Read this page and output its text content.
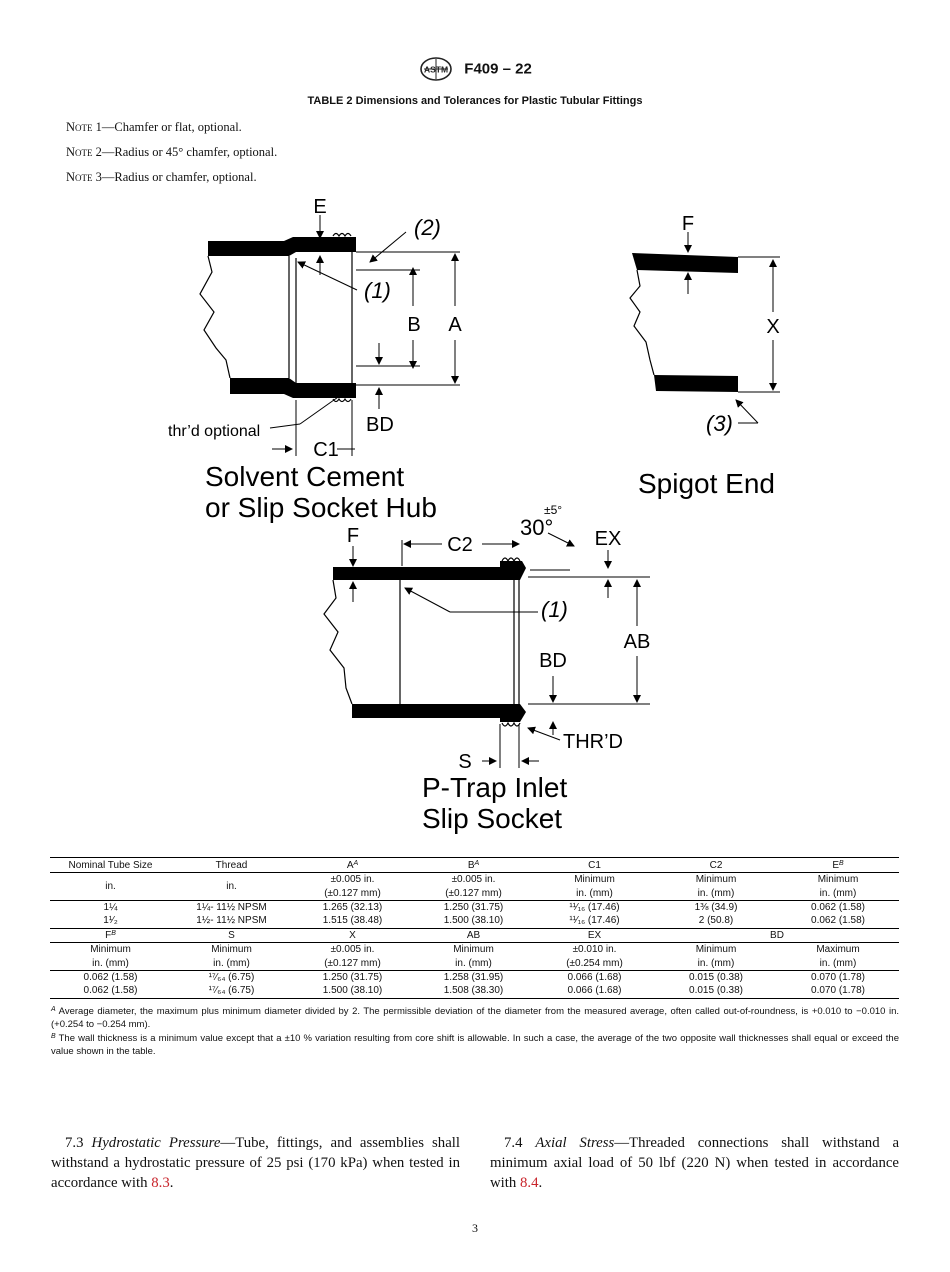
ASTM F409 – 22
TABLE 2 Dimensions and Tolerances for Plastic Tubular Fittings
Note 1—Chamfer or flat, optional.
Note 2—Radius or 45° chamfer, optional.
Note 3—Radius or chamfer, optional.
E
(2)
(1)
B A
BD
thr’d optional
C1
Solvent Cement
or Slip Socket Hub
F
X
(3)
Spigot End
F	C2
30°
±5°
EX
(1)
AB
BD
THR’D
S
P-Trap Inlet
Slip Socket
Nominal Tube Size	Thread	$A^A$	$B^A$	C1	C2	$E^B$
in.	in.	±0.005 in.	±0.005 in.	Minimum	Minimum	Minimum
		(±0.127 mm)	(±0.127 mm)	in. (mm)	in. (mm)	in. (mm)
1¼	1¼- 11½ NPSM	1.265 (32.13)	1.250 (31.75)	¹¹⁄₁₆ (17.46)	1⅜ (34.9)	0.062 (1.58)
1¹⁄₂	1½- 11½ NPSM	1.515 (38.48)	1.500 (38.10)	¹¹⁄₁₆ (17.46)	2 (50.8)	0.062 (1.58)
$F^B$	S	X	AB	EX	BD	
Minimum	Minimum	±0.005 in.	Minimum	±0.010 in.	Minimum	Maximum
in. (mm)	in. (mm)	(±0.127 mm)	in. (mm)	(±0.254 mm)	in. (mm)	in. (mm)
0.062 (1.58)	¹⁷⁄₆₄ (6.75)	1.250 (31.75)	1.258 (31.95)	0.066 (1.68)	0.015 (0.38)	0.070 (1.78)
0.062 (1.58)	¹⁷⁄₆₄ (6.75)	1.500 (38.10)	1.508 (38.30)	0.066 (1.68)	0.015 (0.38)	0.070 (1.78)
$^A$ Average diameter, the maximum plus minimum diameter divided by 2. The permissible deviation of the diameter from the measured average, often called out-of-roundness, is +0.010 to −0.010 in. (+0.254 to −0.254 mm).
$^B$ The wall thickness is a minimum value except that a ±10 % variation resulting from core shift is allowable. In such a case, the average of the two opposite wall thicknesses shall equal or exceed the value shown in the table.
7.3 Hydrostatic Pressure—Tube, fittings, and assemblies shall withstand a hydrostatic pressure of 25 psi (170 kPa) when tested in accordance with 8.3.
7.4 Axial Stress—Threaded connections shall withstand a minimum axial load of 50 lbf (220 N) when tested in accordance with 8.4.
3
